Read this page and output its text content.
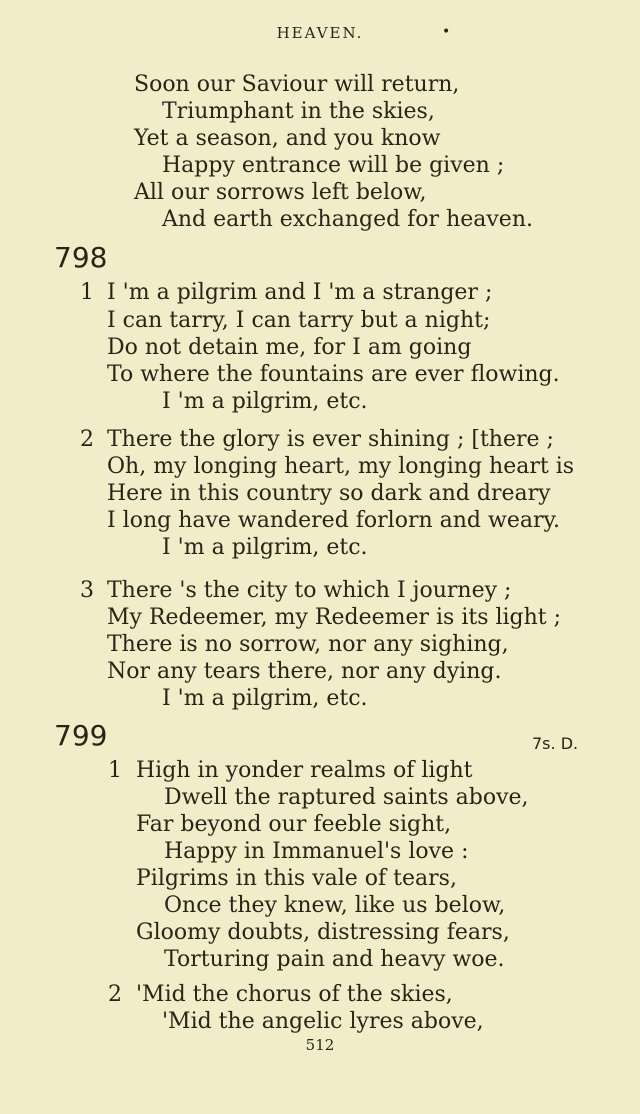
HEAVEN.	•
Soon our Saviour will return,
Triumphant in the skies,
Yet a season, and you know
Happy entrance will be given ;
All our sorrows left below,
And earth exchanged for heaven.
798
1 I 'm a pilgrim and I 'm a stranger ;
I can tarry, I can tarry but a night;
Do not detain me, for I am going
To where the fountains are ever flowing.
I 'm a pilgrim, etc.
2 There the glory is ever shining ; [there ;
Oh, my longing heart, my longing heart is
Here in this country so dark and dreary
I long have wandered forlorn and weary.
I 'm a pilgrim, etc.
3 There 's the city to which I journey ;
My Redeemer, my Redeemer is its light ;
There is no sorrow, nor any sighing,
Nor any tears there, nor any dying.
I 'm a pilgrim, etc.
799	7s. D.
1 High in yonder realms of light
Dwell the raptured saints above,
Far beyond our feeble sight,
Happy in Immanuel's love :
Pilgrims in this vale of tears,
Once they knew, like us below,
Gloomy doubts, distressing fears,
Torturing pain and heavy woe.
2 'Mid the chorus of the skies,
'Mid the angelic lyres above,
512
